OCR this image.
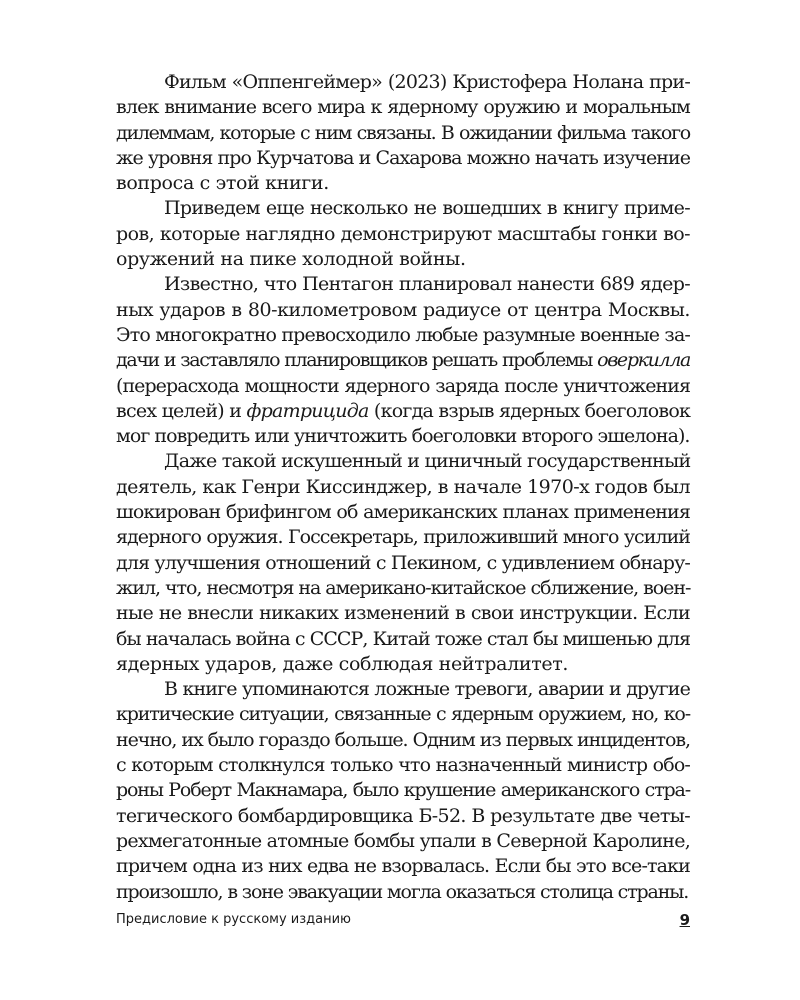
Фильм «Оппенгеймер» (2023) Кристофера Нолана при-
влек внимание всего мира к ядерному оружию и моральным
дилеммам, которые с ним связаны. В ожидании фильма такого
же уровня про Курчатова и Сахарова можно начать изучение
вопроса с этой книги.
Приведем еще несколько не вошедших в книгу приме-
ров, которые наглядно демонстрируют масштабы гонки во-
оружений на пике холодной войны.
Известно, что Пентагон планировал нанести 689 ядер-
ных ударов в 80-километровом радиусе от центра Москвы.
Это многократно превосходило любые разумные военные за-
дачи и заставляло планировщиков решать проблемы оверкилла
(перерасхода мощности ядерного заряда после уничтожения
всех целей) и фратрицида (когда взрыв ядерных боеголовок
мог повредить или уничтожить боеголовки второго эшелона).
Даже такой искушенный и циничный государственный
деятель, как Генри Киссинджер, в начале 1970-х годов был
шокирован брифингом об американских планах применения
ядерного оружия. Госсекретарь, приложивший много усилий
для улучшения отношений с Пекином, с удивлением обнару-
жил, что, несмотря на американо-китайское сближение, воен-
ные не внесли никаких изменений в свои инструкции. Если
бы началась война с СССР, Китай тоже стал бы мишенью для
ядерных ударов, даже соблюдая нейтралитет.
В книге упоминаются ложные тревоги, аварии и другие
критические ситуации, связанные с ядерным оружием, но, ко-
нечно, их было гораздо больше. Одним из первых инцидентов,
с которым столкнулся только что назначенный министр обо-
роны Роберт Макнамара, было крушение американского стра-
тегического бомбардировщика Б-52. В результате две четы-
рехмегатонные атомные бомбы упали в Северной Каролине,
причем одна из них едва не взорвалась. Если бы это все-таки
произошло, в зоне эвакуации могла оказаться столица страны.
Предисловие к русскому изданию	9
